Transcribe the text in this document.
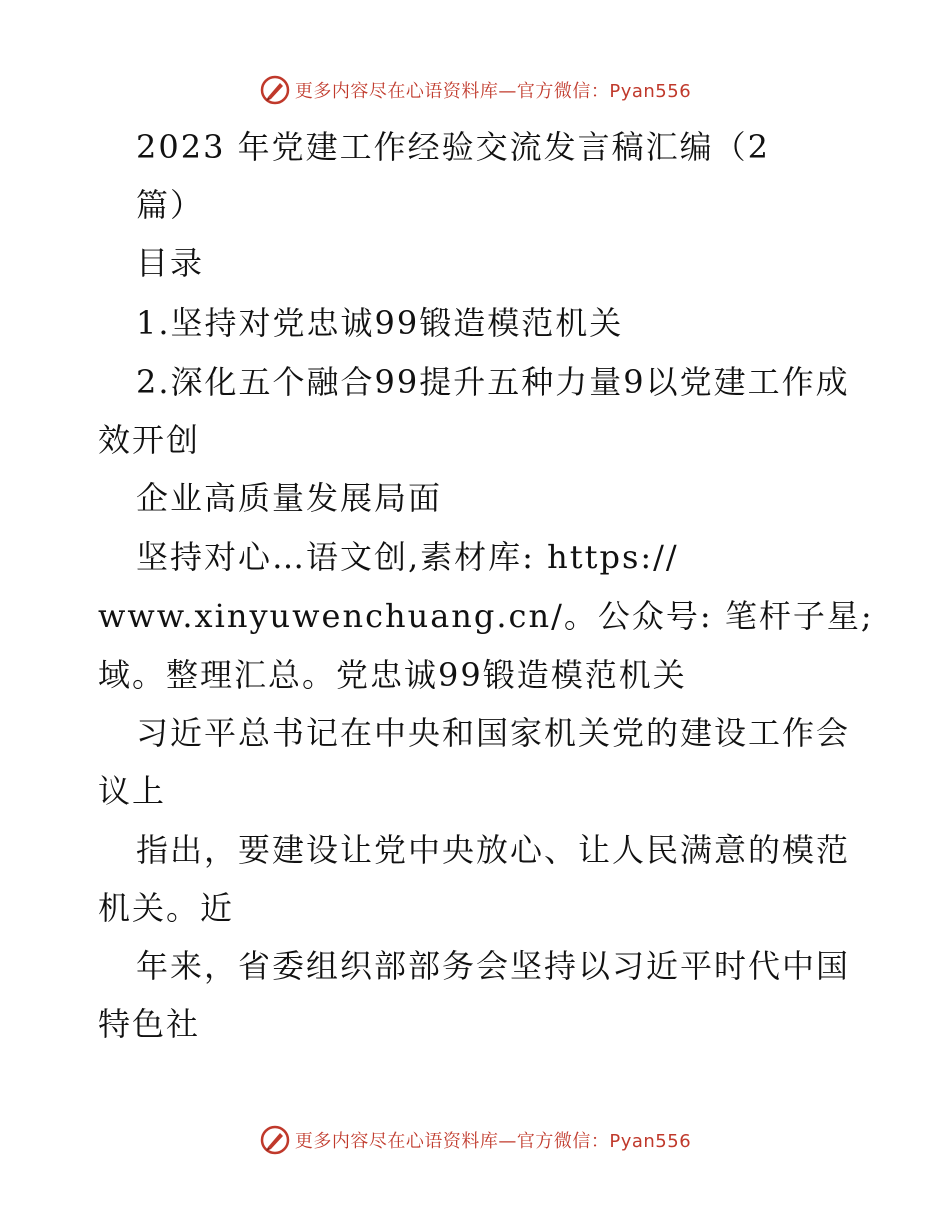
更多内容尽在心语资料库—官方微信：Pyan556
2023 年党建工作经验交流发言稿汇编（2
篇）
目录
1.坚持对党忠诚99锻造模范机关
2.深化五个融合99提升五种力量9以党建工作成
效开创
企业高质量发展局面
坚持对心…语文创,素材库: https://
www.xinyuwenchuang.cn/。公众号: 笔杆子星;
域。整理汇总。党忠诚99锻造模范机关
习近平总书记在中央和国家机关党的建设工作会
议上
指出，要建设让党中央放心、让人民满意的模范
机关。近
年来，省委组织部部务会坚持以习近平时代中国
特色社
更多内容尽在心语资料库—官方微信：Pyan556
